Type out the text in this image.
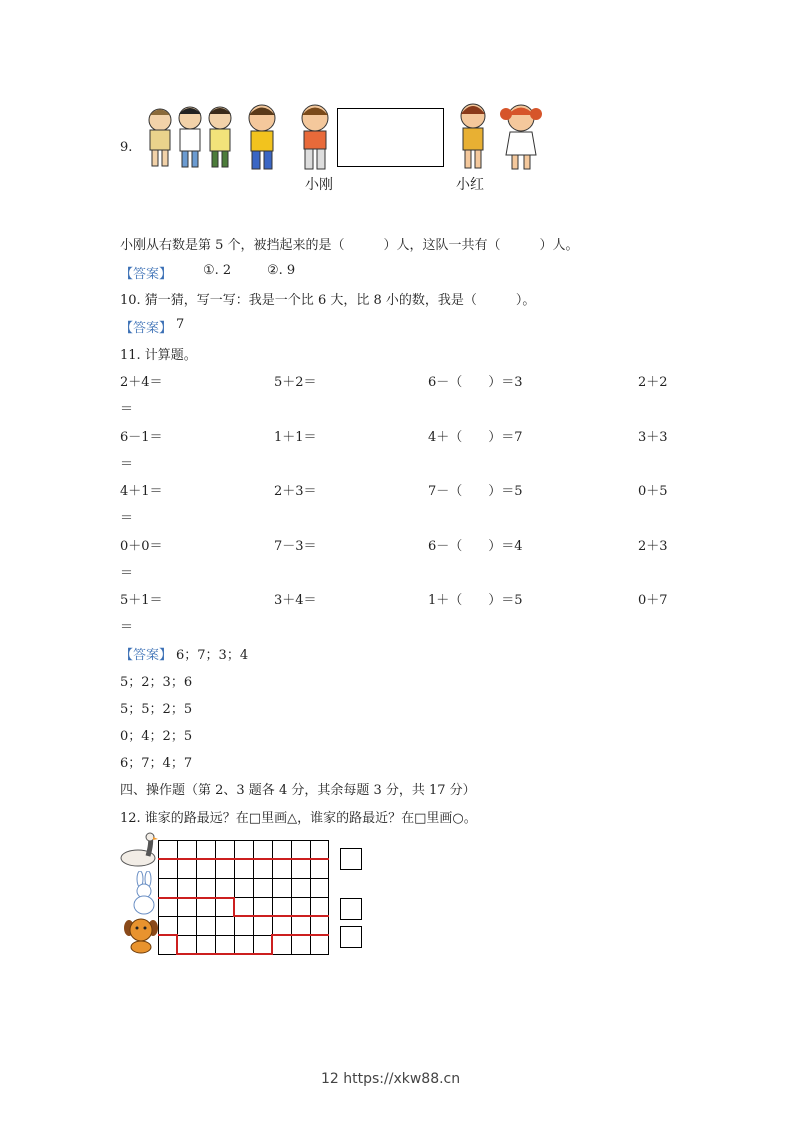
9.
小刚	小红
小刚从右数是第 5 个，被挡起来的是（　　　）人，这队一共有（　　　）人。
【答案】 ①. 2	②. 9
10. 猜一猜，写一写：我是一个比 6 大，比 8 小的数，我是（　　　）。
【答案】 7
11. 计算题。
2＋4＝	5＋2＝	6－（　　）＝3	2＋2
＝
6－1＝	1＋1＝	4＋（　　）＝7	3＋3
＝
4＋1＝	2＋3＝	7－（　　）＝5	0＋5
＝
0＋0＝	7－3＝	6－（　　）＝4	2＋3
＝
5＋1＝	3＋4＝	1＋（　　）＝5	0＋7
＝
【答案】 6；7；3；4
5；2；3；6
5；5；2；5
0；4；2；5
6；7；4；7
四、操作题（第 2、3 题各 4 分，其余每题 3 分，共 17 分）
12. 谁家的路最远？在□里画△，谁家的路最近？在□里画○。
12 https://xkw88.cn
